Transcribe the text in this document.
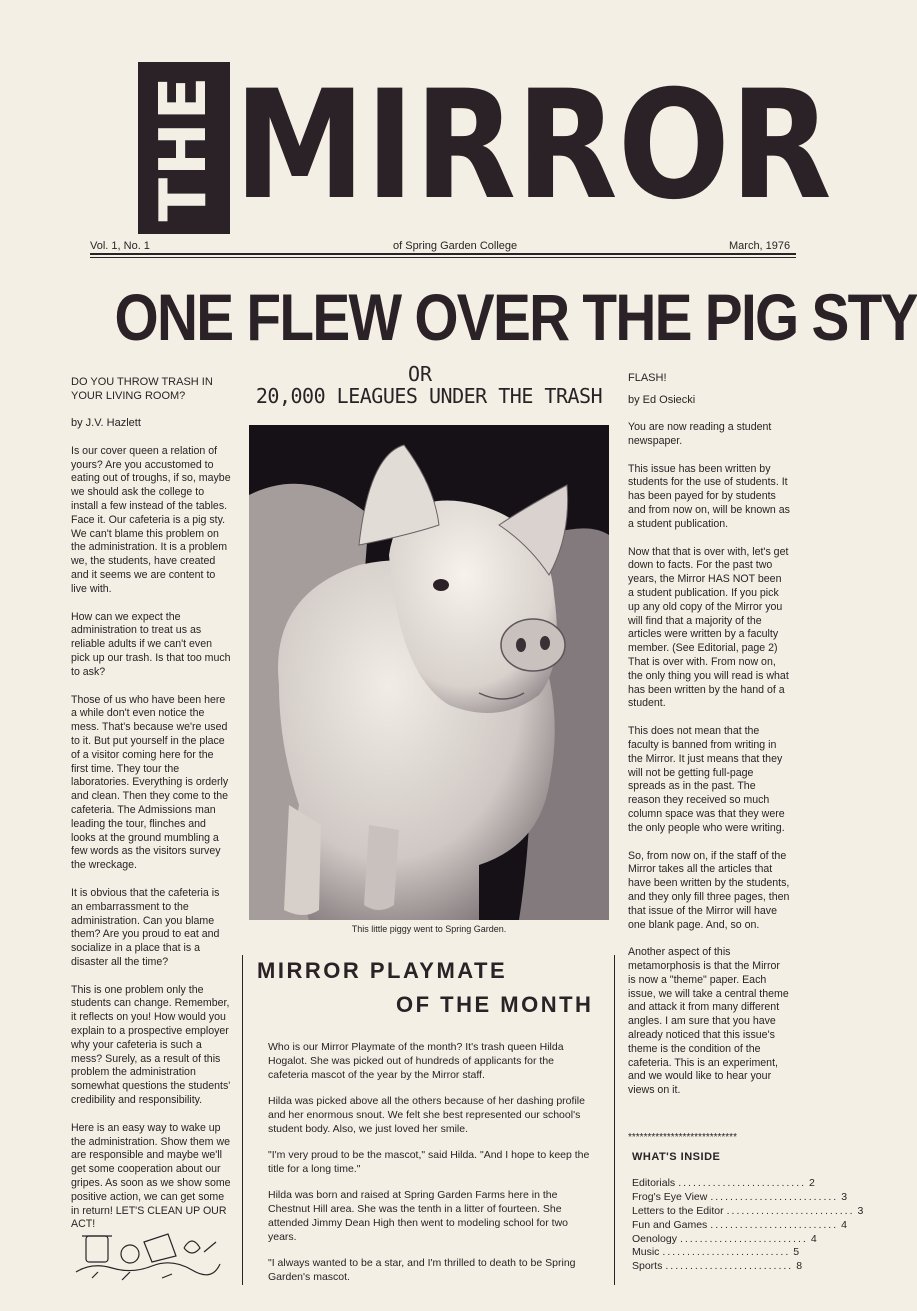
THE MIRROR
Vol. 1, No. 1	of Spring Garden College	March, 1976
ONE FLEW OVER THE PIG STY
OR
20,000 LEAGUES UNDER THE TRASH

DO YOU THROW TRASH IN YOUR LIVING ROOM?

by J.V. Hazlett

Is our cover queen a relation of yours? Are you accustomed to eating out of troughs, if so, maybe we should ask the college to install a few instead of the tables. Face it. Our cafeteria is a pig sty. We can't blame this problem on the administration. It is a problem we, the students, have created and it seems we are content to live with.

How can we expect the administration to treat us as reliable adults if we can't even pick up our trash. Is that too much to ask?

Those of us who have been here a while don't even notice the mess. That's because we're used to it. But put yourself in the place of a visitor coming here for the first time. They tour the laboratories. Everything is orderly and clean. Then they come to the cafeteria. The Admissions man leading the tour, flinches and looks at the ground mumbling a few words as the visitors survey the wreckage.

It is obvious that the cafeteria is an embarrassment to the administration. Can you blame them? Are you proud to eat and socialize in a place that is a disaster all the time?

This is one problem only the students can change. Remember, it reflects on you! How would you explain to a prospective employer why your cafeteria is such a mess? Surely, as a result of this problem the administration somewhat questions the students' credibility and responsibility.

Here is an easy way to wake up the administration. Show them we are responsible and maybe we'll get some cooperation about our gripes. As soon as we show some positive action, we can get some in return! LET'S CLEAN UP OUR ACT!

This little piggy went to Spring Garden.

FLASH!

by Ed Osiecki

You are now reading a student newspaper.

This issue has been written by students for the use of students. It has been payed for by students and from now on, will be known as a student publication.

Now that that is over with, let's get down to facts. For the past two years, the Mirror HAS NOT been a student publication. If you pick up any old copy of the Mirror you will find that a majority of the articles were written by a faculty member. (See Editorial, page 2) That is over with. From now on, the only thing you will read is what has been written by the hand of a student.

This does not mean that the faculty is banned from writing in the Mirror. It just means that they will not be getting full-page spreads as in the past. The reason they received so much column space was that they were the only people who were writing.

So, from now on, if the staff of the Mirror takes all the articles that have been written by the students, and they only fill three pages, then that issue of the Mirror will have one blank page. And, so on.

Another aspect of this metamorphosis is that the Mirror is now a "theme" paper. Each issue, we will take a central theme and attack it from many different angles. I am sure that you have already noticed that this issue's theme is the condition of the cafeteria. This is an experiment, and we would like to hear your views on it.

MIRROR PLAYMATE
OF THE MONTH

Who is our Mirror Playmate of the month? It's trash queen Hilda Hogalot. She was picked out of hundreds of applicants for the cafeteria mascot of the year by the Mirror staff.

Hilda was picked above all the others because of her dashing profile and her enormous snout. We felt she best represented our school's student body. Also, we just loved her smile.

"I'm very proud to be the mascot," said Hilda. "And I hope to keep the title for a long time."

Hilda was born and raised at Spring Garden Farms here in the Chestnut Hill area. She was the tenth in a litter of fourteen. She attended Jimmy Dean High then went to modeling school for two years.

"I always wanted to be a star, and I'm thrilled to death to be Spring Garden's mascot.

****************************
WHAT'S INSIDE
Editorials .......................... 2
Frog's Eye View .......................... 3
Letters to the Editor .......................... 3
Fun and Games .......................... 4
Oenology .......................... 4
Music .......................... 5
Sports .......................... 8
